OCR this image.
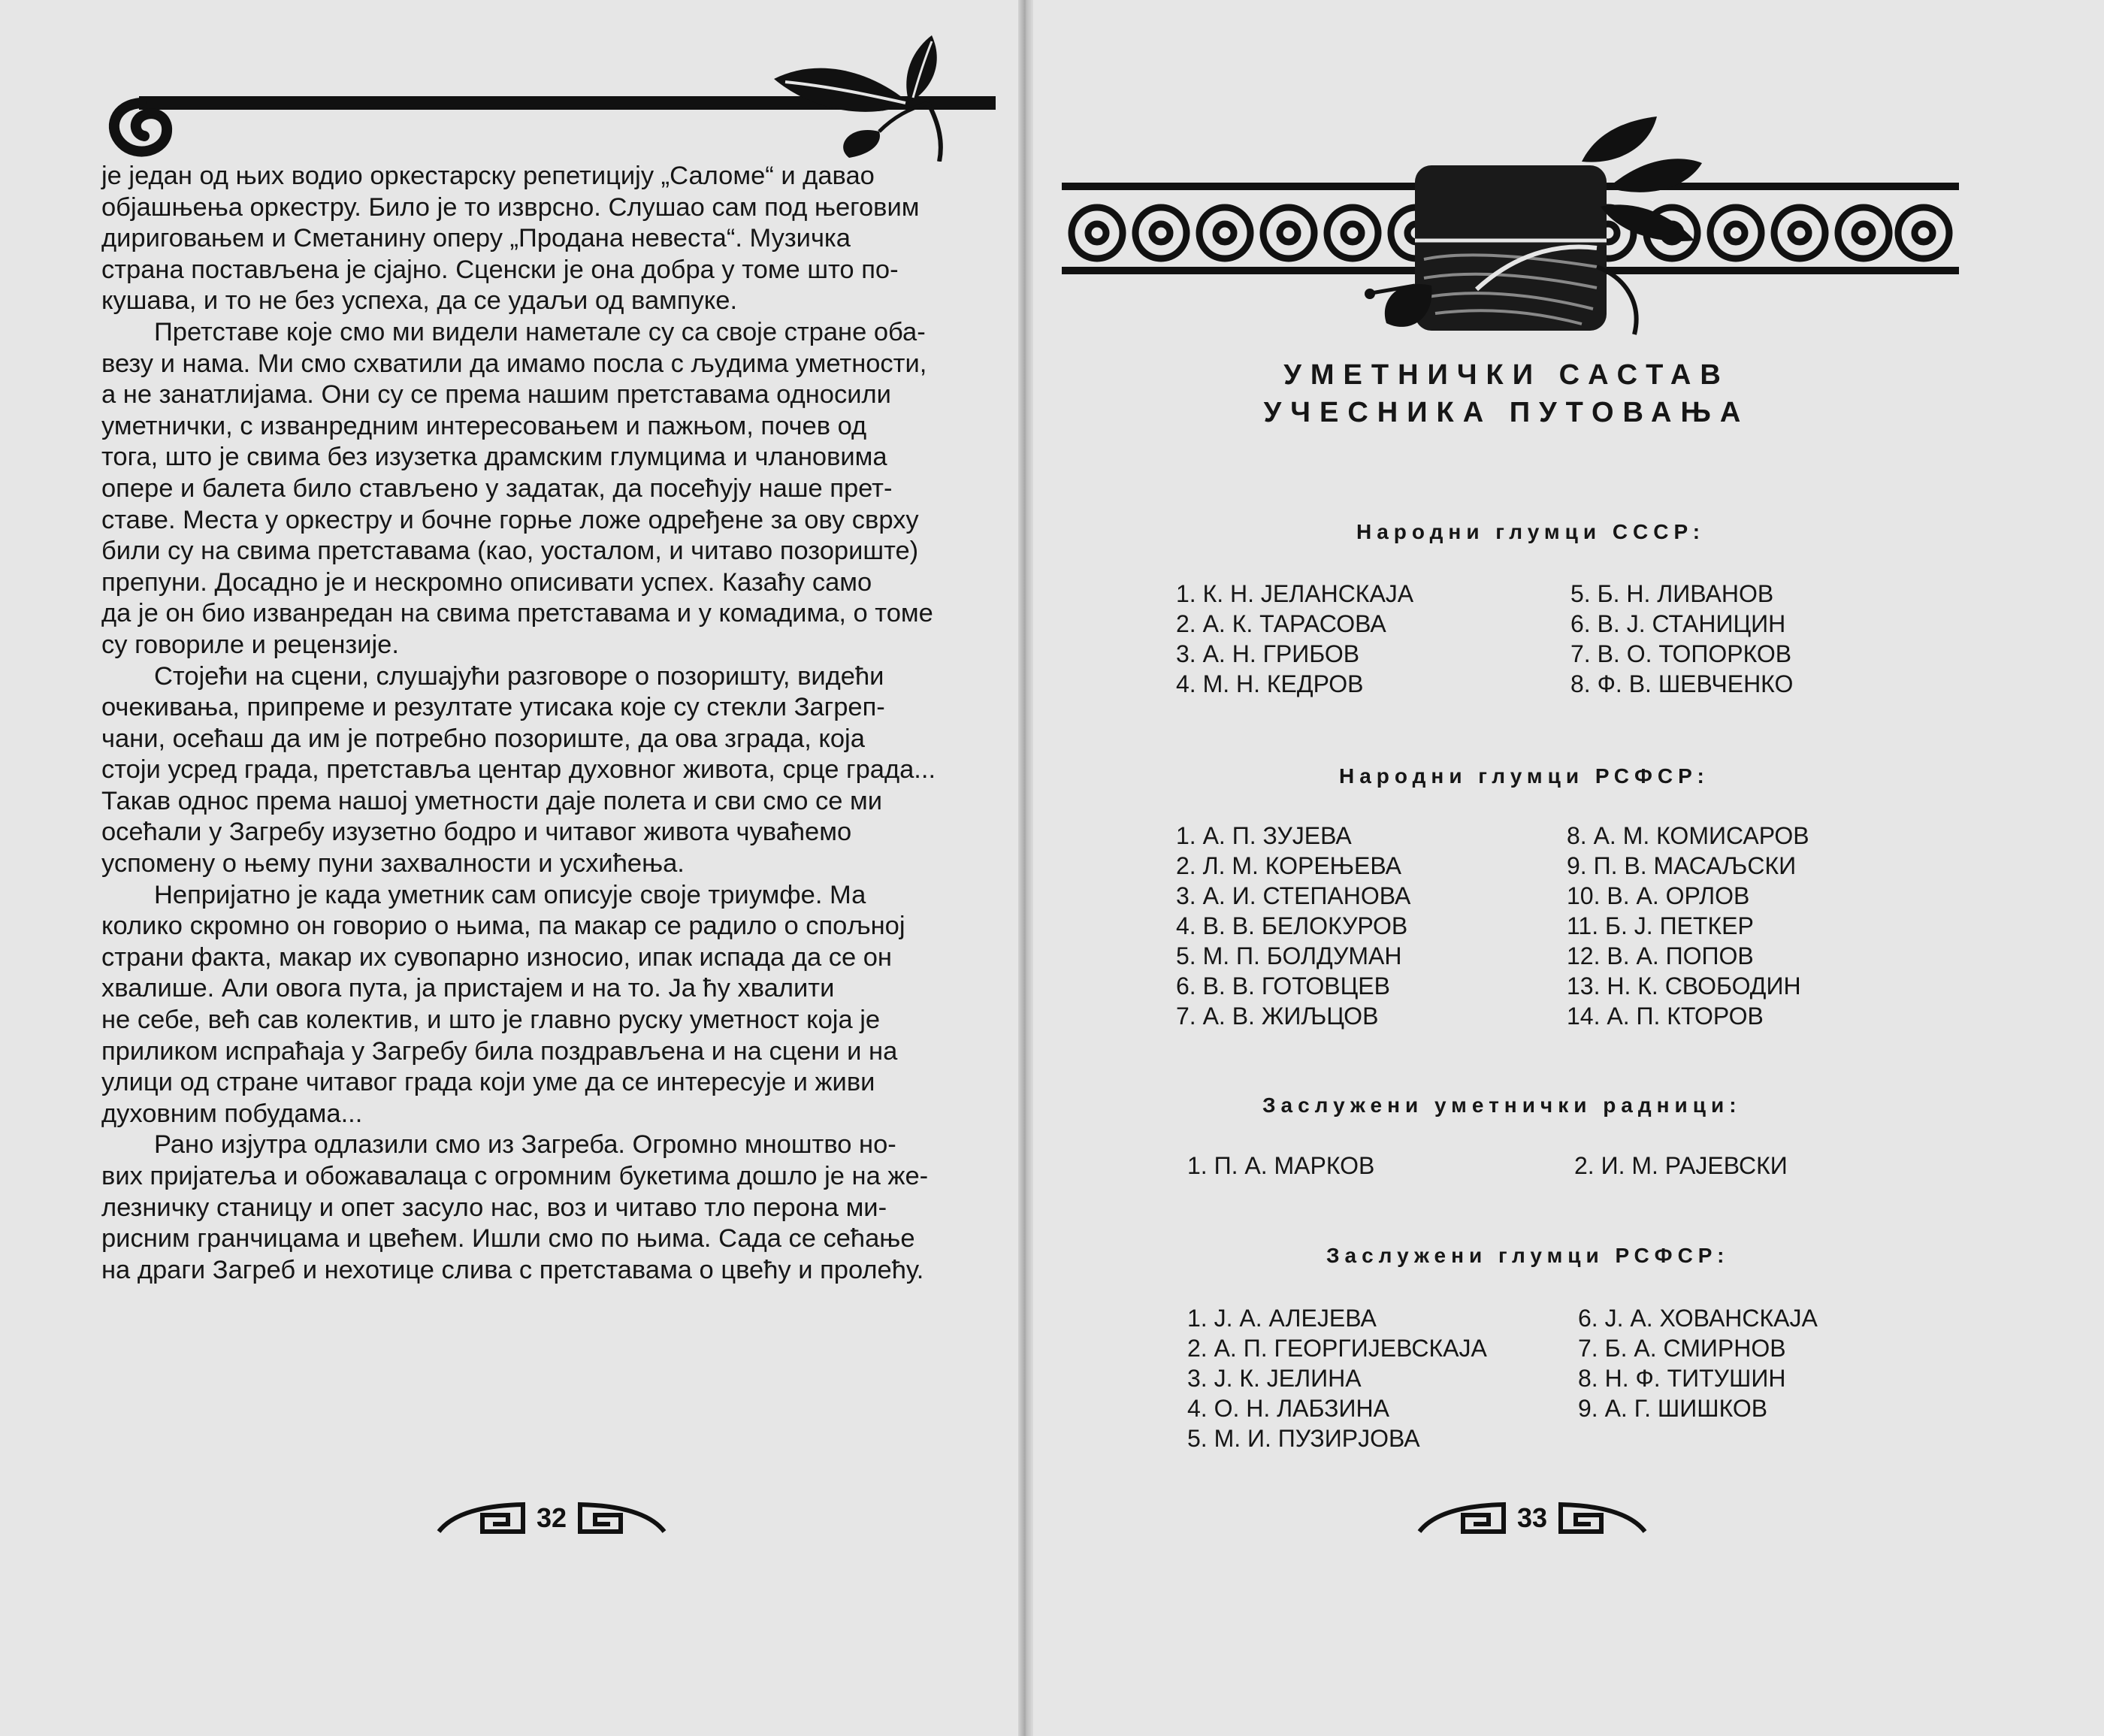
је један од њих водио оркестарску репетицију „Саломе“ и давао
објашњења оркестру. Било је то изврсно. Слушао сам под његовим
дириговањем и Сметанину оперу „Продана невеста“. Музичка
страна постављена је сјајно. Сценски је она добра у томе што по-
кушава, и то не без успеха, да се удаљи од вампуке.

Претставе које смо ми видели наметале су са своје стране оба-
везу и нама. Ми смо схватили да имамо посла с људима уметности,
а не занатлијама. Они су се према нашим претставама односили
уметнички, с изванредним интересовањем и пажњом, почев од
тога, што је свима без изузетка драмским глумцима и члановима
опере и балета било стављено у задатак, да посећују наше прет-
ставе. Места у оркестру и бочне горње ложе одређене за ову сврху
били су на свима претставама (као, уосталом, и читаво позориште)
препуни. Досадно је и нескромно описивати успех. Казаћу само
да је он био изванредан на свима претставама и у комадима, о томе
су говориле и рецензије.

Стојећи на сцени, слушајући разговоре о позоришту, видећи
очекивања, припреме и резултате утисака које су стекли Загреп-
чани, осећаш да им је потребно позориште, да ова зграда, која
стоји усред града, претставља центар духовног живота, срце града...
Такав однос према нашој уметности даје полета и сви смо се ми
осећали у Загребу изузетно бодро и читавог живота чуваћемо
успомену о њему пуни захвалности и усхићења.

Непријатно је када уметник сам описује своје триумфе. Ма
колико скромно он говорио о њима, па макар се радило о спољној
страни факта, макар их сувопарно износио, ипак испада да се он
хвалише. Али овога пута, ја пристајем и на то. Ја ћу хвалити
не себе, већ сав колектив, и што је главно руску уметност која је
приликом испраћаја у Загребу била поздрављена и на сцени и на
улици од стране читавог града који уме да се интересује и живи
духовним побудама...

Рано изјутра одлазили смо из Загреба. Огромно мноштво но-
вих пријатеља и обожавалаца с огромним букетима дошло је на же-
лезничку станицу и опет засуло нас, воз и читаво тло перона ми-
рисним гранчицама и цвећем. Ишли смо по њима. Сада се сећање
на драги Загреб и нехотице слива с претставама о цвећу и пролећу.

32
УМЕТНИЧКИ САСТАВ
УЧЕСНИКА ПУТОВАЊА
Народни глумци СССР:
1. К. Н. ЈЕЛАНСКАЈА
2. А. К. ТАРАСОВА
3. А. Н. ГРИБОВ
4. М. Н. КЕДРОВ
5. Б. Н. ЛИВАНОВ
6. В. Ј. СТАНИЦИН
7. В. О. ТОПОРКОВ
8. Ф. В. ШЕВЧЕНКО
Народни глумци РСФСР:
1. А. П. ЗУЈЕВА
2. Л. М. КОРЕЊЕВА
3. А. И. СТЕПАНОВА
4. В. В. БЕЛОКУРОВ
5. М. П. БОЛДУМАН
6. В. В. ГОТОВЦЕВ
7. А. В. ЖИЉЦОВ
8. А. М. КОМИСАРОВ
9. П. В. МАСАЉСКИ
10. В. А. ОРЛОВ
11. Б. Ј. ПЕТКЕР
12. В. А. ПОПОВ
13. Н. К. СВОБОДИН
14. А. П. КТОРОВ
Заслужени уметнички радници:
1. П. А. МАРКОВ	2. И. М. РАЈЕВСКИ
Заслужени глумци РСФСР:
1. Ј. А. АЛЕЈЕВА
2. А. П. ГЕОРГИЈЕВСКАЈА
3. Ј. К. ЈЕЛИНА
4. О. Н. ЛАБЗИНА
5. М. И. ПУЗИРЈОВА
6. Ј. А. ХОВАНСКАЈА
7. Б. А. СМИРНОВ
8. Н. Ф. ТИТУШИН
9. А. Г. ШИШКОВ
33
